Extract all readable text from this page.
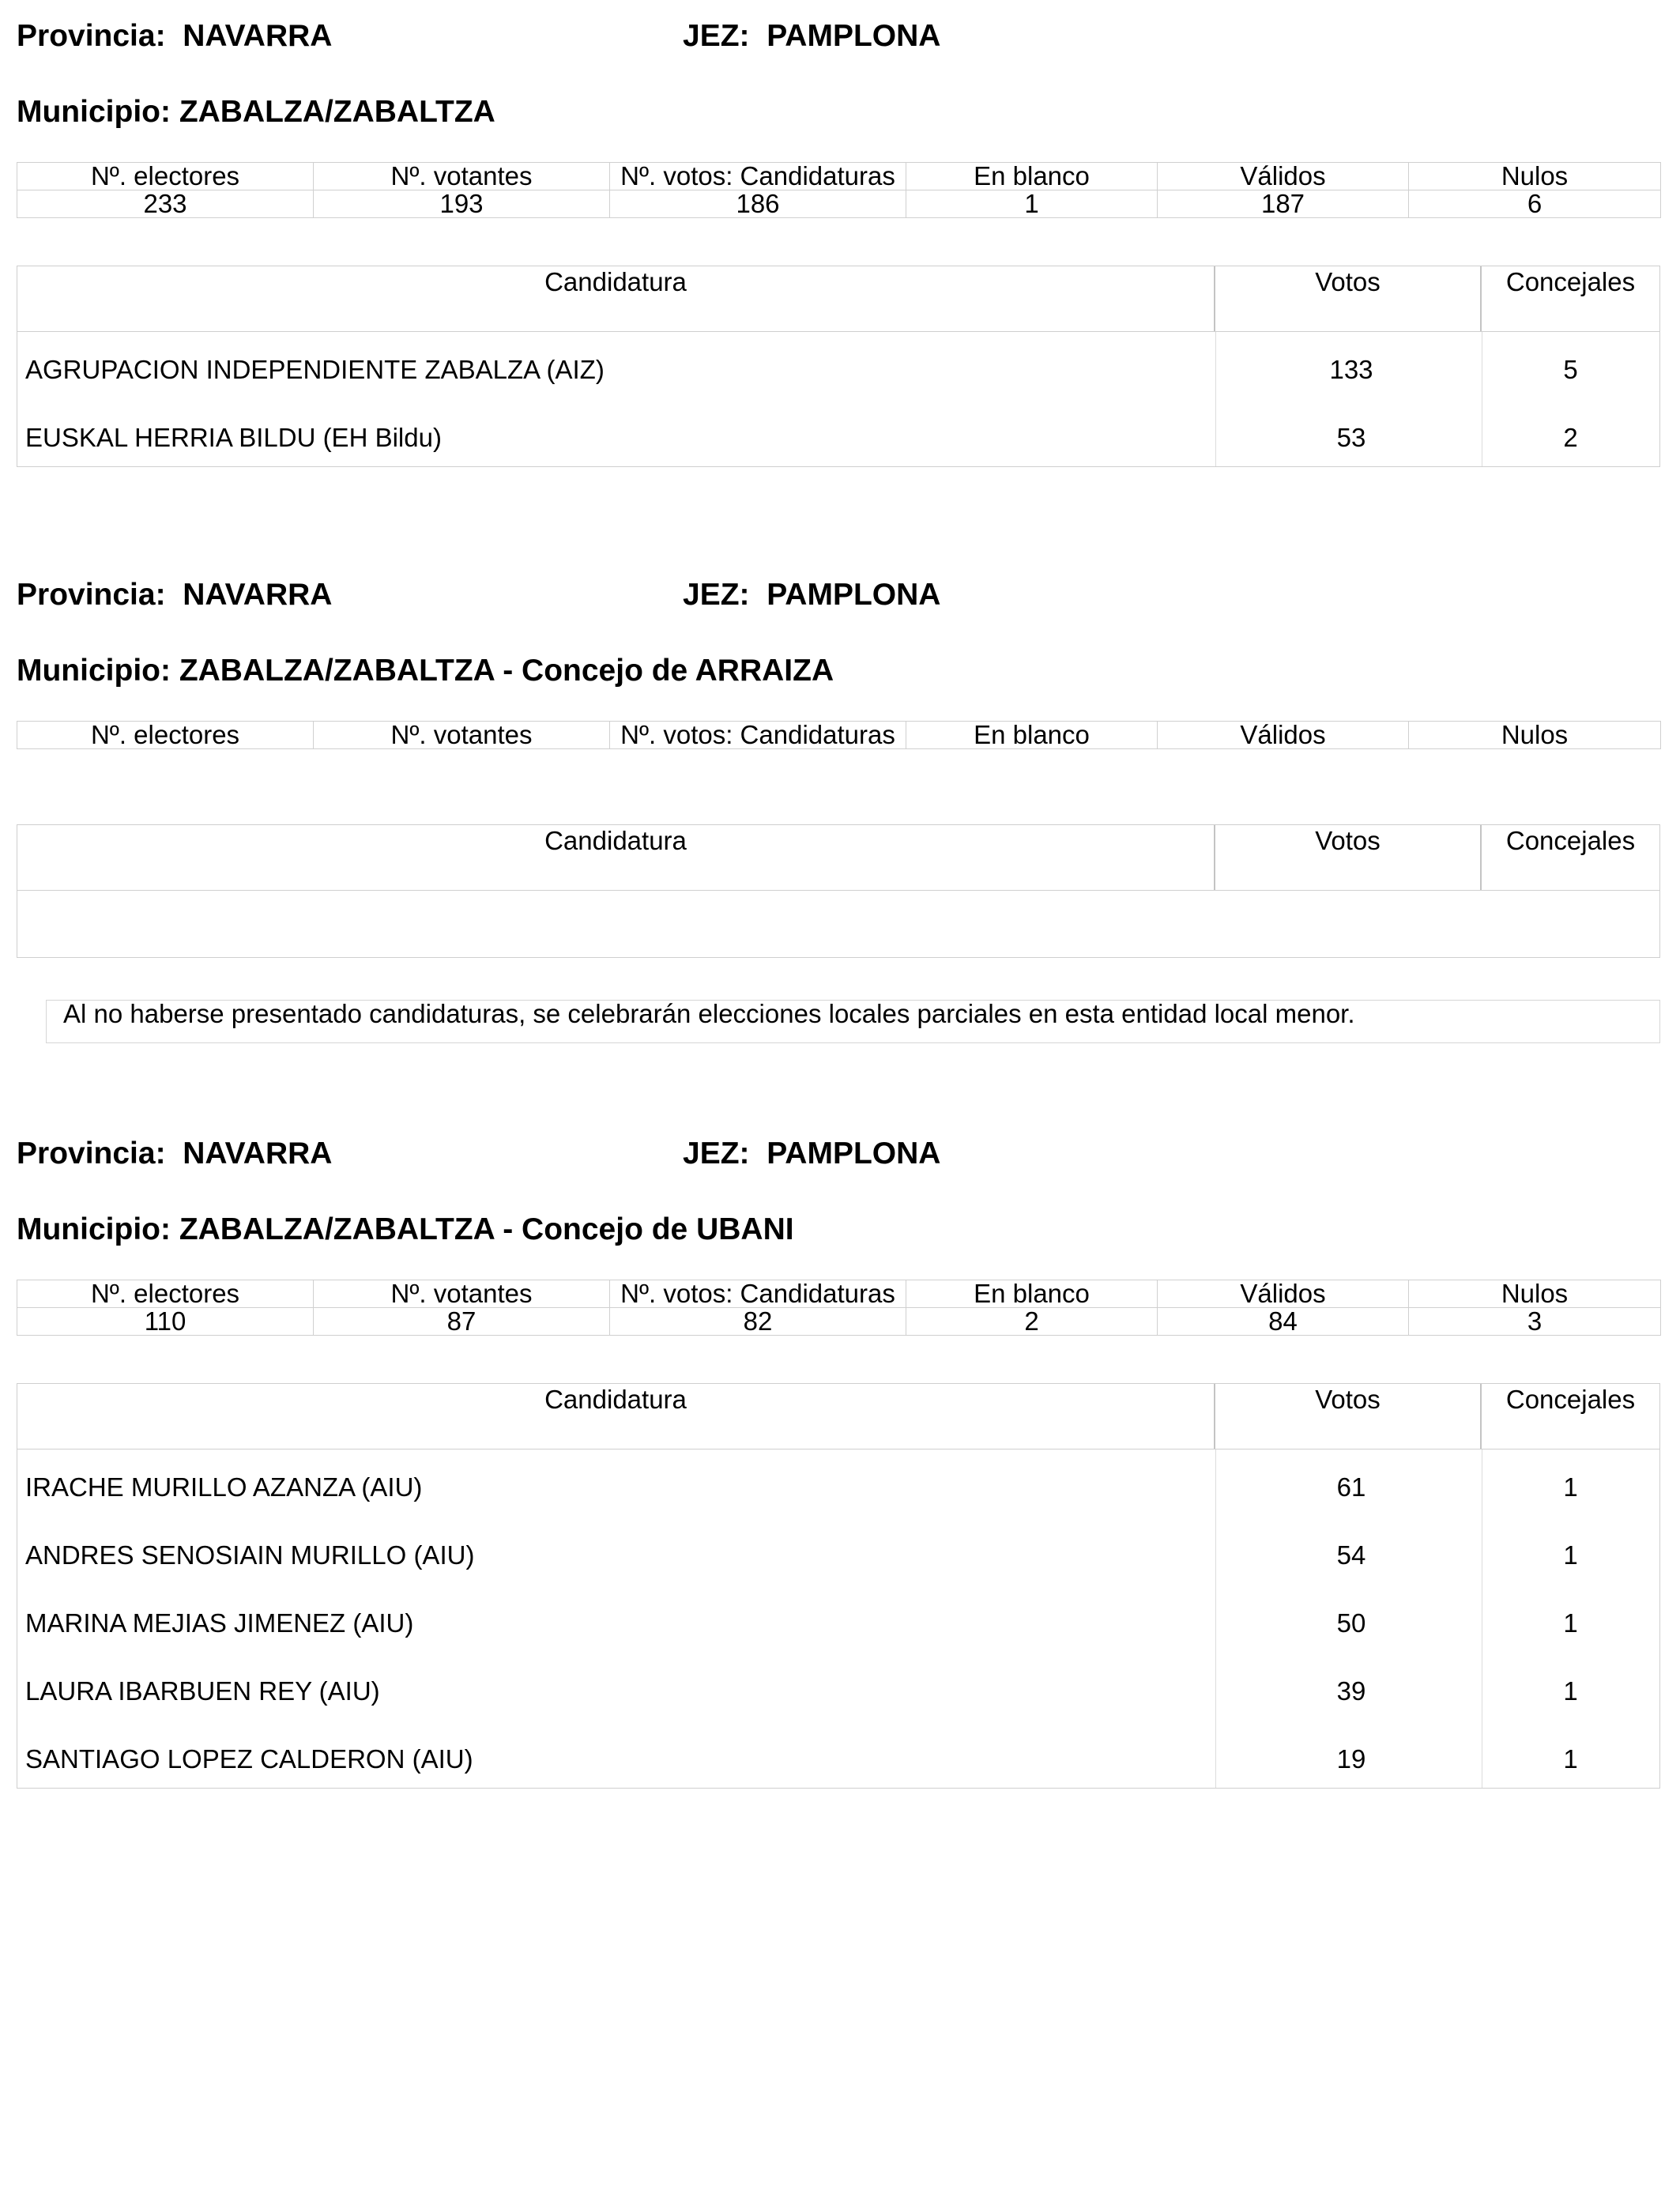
Provincia: NAVARRA	JEZ: PAMPLONA
Municipio: ZABALZA/ZABALTZA
Nº. electores	Nº. votantes	Nº. votos: Candidaturas	En blanco	Válidos	Nulos
233	193	186	1	187	6
Candidatura	Votos	Concejales
AGRUPACION INDEPENDIENTE ZABALZA (AIZ)	133	5
EUSKAL HERRIA BILDU (EH Bildu)	53	2
Provincia: NAVARRA	JEZ: PAMPLONA
Municipio: ZABALZA/ZABALTZA - Concejo de ARRAIZA
Nº. electores	Nº. votantes	Nº. votos: Candidaturas	En blanco	Válidos	Nulos
Candidatura	Votos	Concejales
Al no haberse presentado candidaturas, se celebrarán elecciones locales parciales en esta entidad local menor.
Provincia: NAVARRA	JEZ: PAMPLONA
Municipio: ZABALZA/ZABALTZA - Concejo de UBANI
Nº. electores	Nº. votantes	Nº. votos: Candidaturas	En blanco	Válidos	Nulos
110	87	82	2	84	3
Candidatura	Votos	Concejales
IRACHE MURILLO AZANZA (AIU)	61	1
ANDRES SENOSIAIN MURILLO (AIU)	54	1
MARINA MEJIAS JIMENEZ (AIU)	50	1
LAURA IBARBUEN REY (AIU)	39	1
SANTIAGO LOPEZ CALDERON (AIU)	19	1
